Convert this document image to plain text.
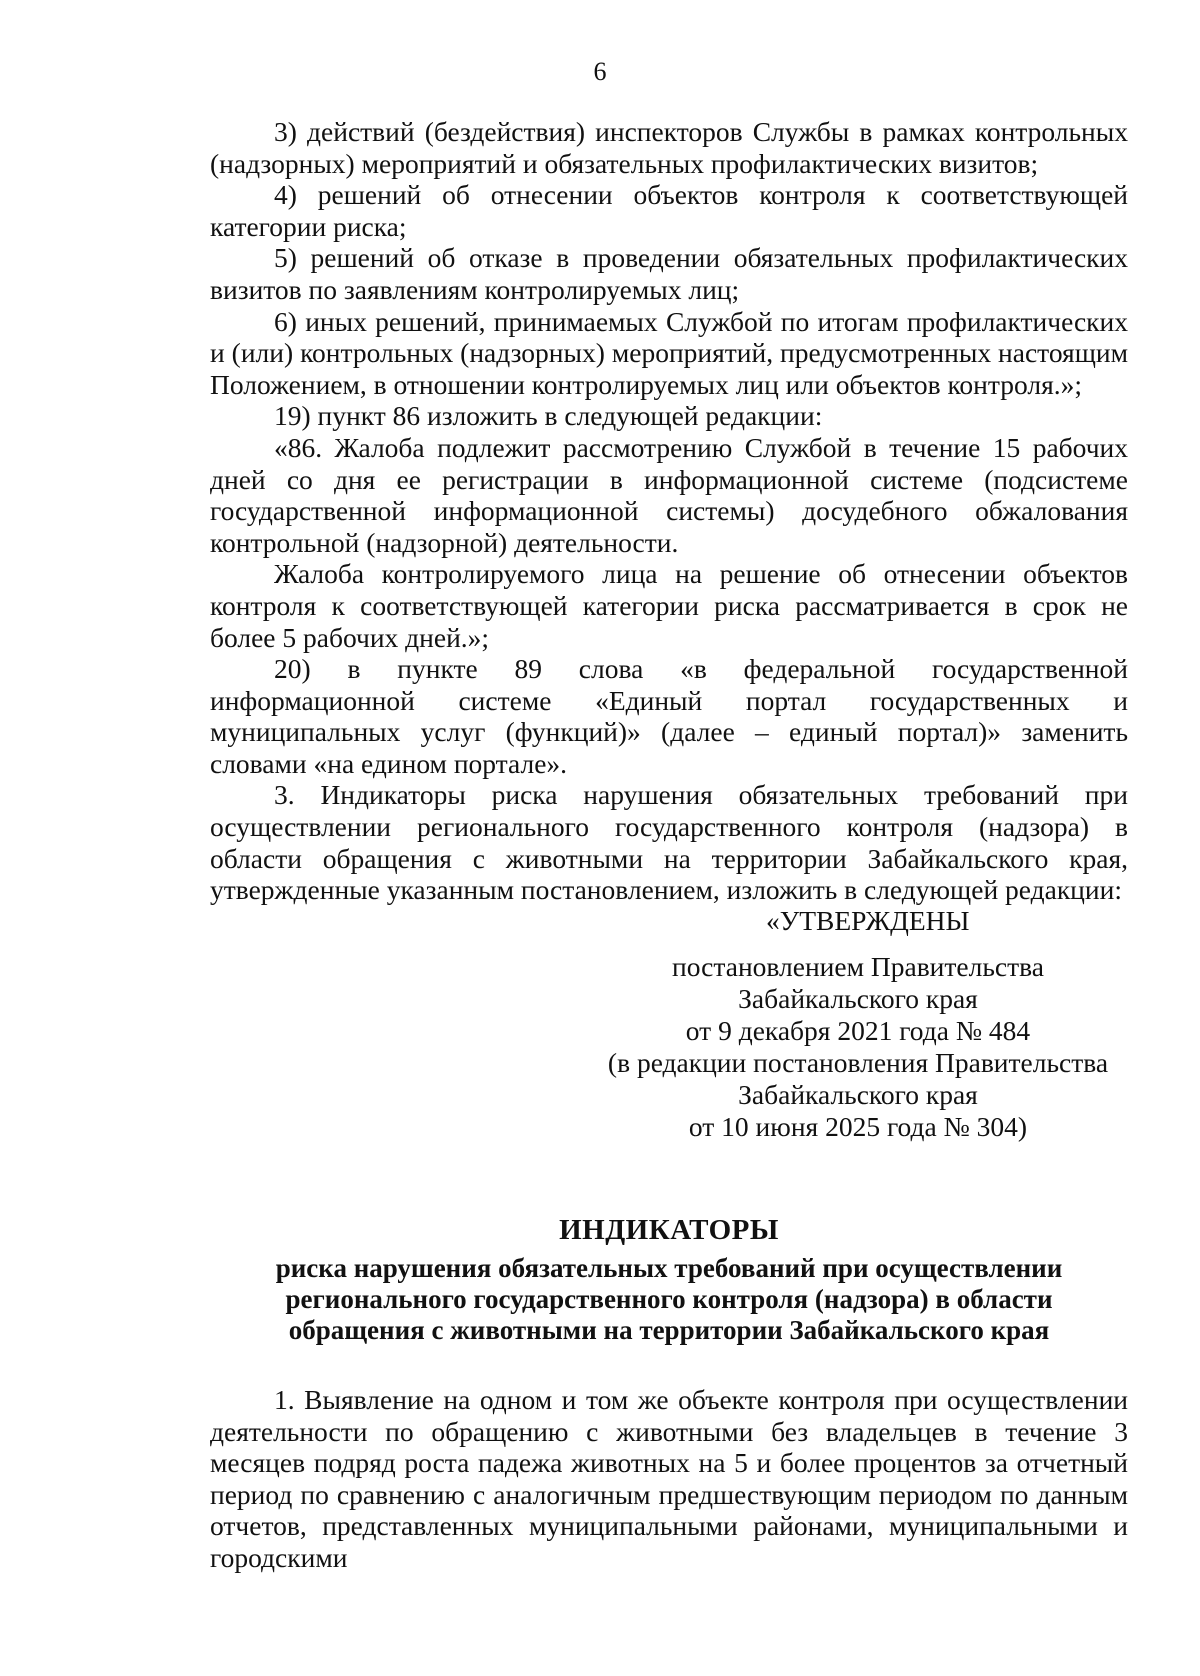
6

3) действий (бездействия) инспекторов Службы в рамках контрольных (надзорных) мероприятий и обязательных профилактических визитов;

4) решений об отнесении объектов контроля к соответствующей категории риска;

5) решений об отказе в проведении обязательных профилактических визитов по заявлениям контролируемых лиц;

6) иных решений, принимаемых Службой по итогам профилактических и (или) контрольных (надзорных) мероприятий, предусмотренных настоящим Положением, в отношении контролируемых лиц или объектов контроля.»;

19) пункт 86 изложить в следующей редакции:

«86. Жалоба подлежит рассмотрению Службой в течение 15 рабочих дней со дня ее регистрации в информационной системе (подсистеме государственной информационной системы) досудебного обжалования контрольной (надзорной) деятельности.

Жалоба контролируемого лица на решение об отнесении объектов контроля к соответствующей категории риска рассматривается в срок не более 5 рабочих дней.»;

20) в пункте 89 слова «в федеральной государственной информационной системе «Единый портал государственных и муниципальных услуг (функций)» (далее – единый портал)» заменить словами «на едином портале».

3. Индикаторы риска нарушения обязательных требований при осуществлении регионального государственного контроля (надзора) в области обращения с животными на территории Забайкальского края, утвержденные указанным постановлением, изложить в следующей редакции:

«УТВЕРЖДЕНЫ

постановлением Правительства

Забайкальского края

от 9 декабря 2021 года № 484

(в редакции постановления Правительства

Забайкальского края

от 10 июня 2025 года № 304)

ИНДИКАТОРЫ

риска нарушения обязательных требований при осуществлении

регионального государственного контроля (надзора) в области

обращения с животными на территории Забайкальского края

1. Выявление на одном и том же объекте контроля при осуществлении деятельности по обращению с животными без владельцев в течение 3 месяцев подряд роста падежа животных на 5 и более процентов за отчетный период по сравнению с аналогичным предшествующим периодом по данным отчетов, представленных муниципальными районами, муниципальными и городскими
